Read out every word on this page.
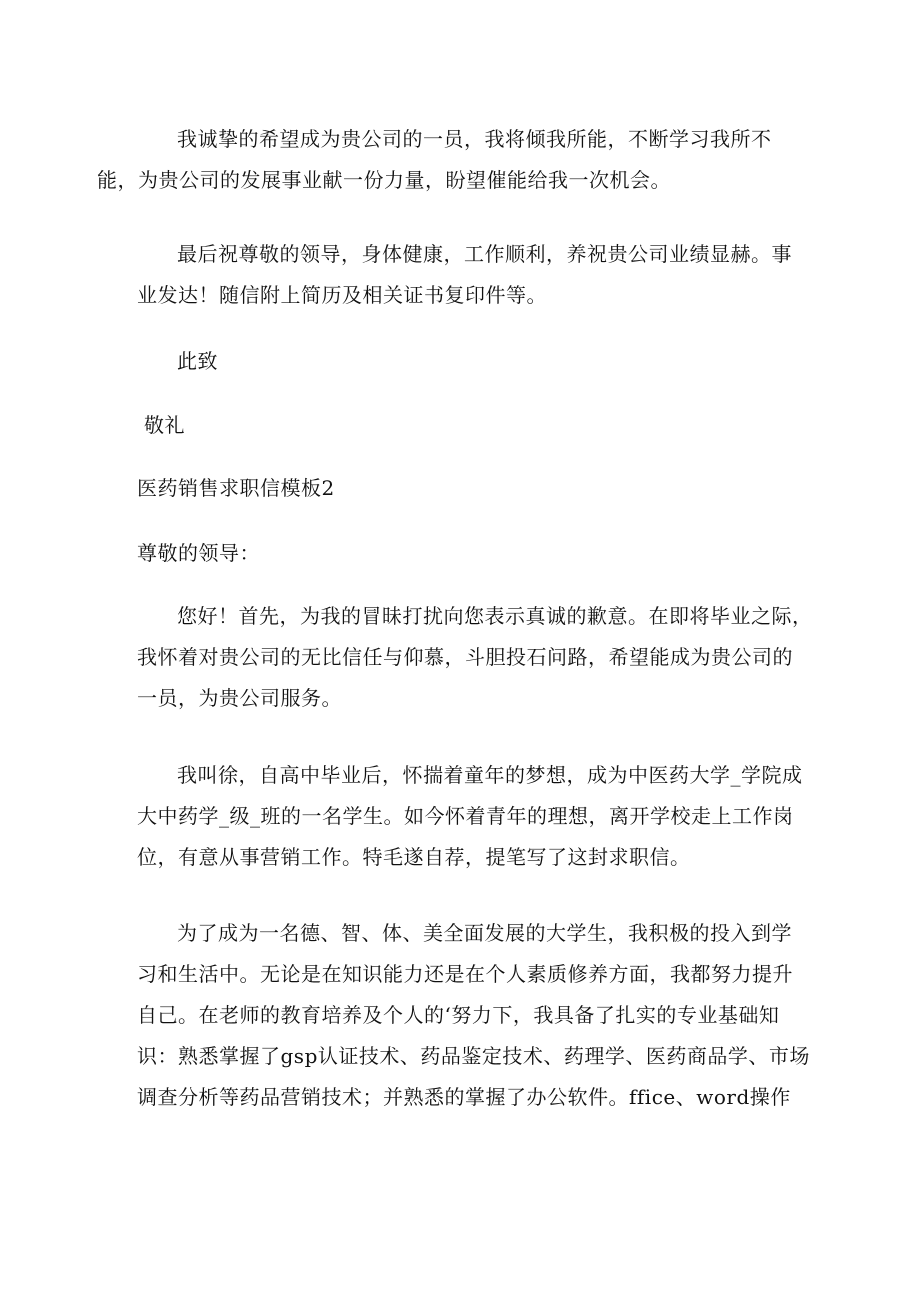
我诚挚的希望成为贵公司的一员，我将倾我所能，不断学习我所不
能，为贵公司的发展事业献一份力量，盼望催能给我一次机会。

最后祝尊敬的领导，身体健康，工作顺利，养祝贵公司业绩显赫。事
业发达！随信附上简历及相关证书复印件等。

此致

敬礼

医药销售求职信模板2

尊敬的领导：

您好！首先，为我的冒昧打扰向您表示真诚的歉意。在即将毕业之际，
我怀着对贵公司的无比信任与仰慕，斗胆投石问路，希望能成为贵公司的
一员，为贵公司服务。

我叫徐，自高中毕业后，怀揣着童年的梦想，成为中医药大学_学院成
大中药学_级_班的一名学生。如今怀着青年的理想，离开学校走上工作岗
位，有意从事营销工作。特毛遂自荐，提笔写了这封求职信。

为了成为一名德、智、体、美全面发展的大学生，我积极的投入到学
习和生活中。无论是在知识能力还是在个人素质修养方面，我都努力提升
自己。在老师的教育培养及个人的‘努力下，我具备了扎实的专业基础知
识：熟悉掌握了gsp认证技术、药品鉴定技术、药理学、医药商品学、市场
调查分析等药品营销技术；并熟悉的掌握了办公软件。ffice、word操作
